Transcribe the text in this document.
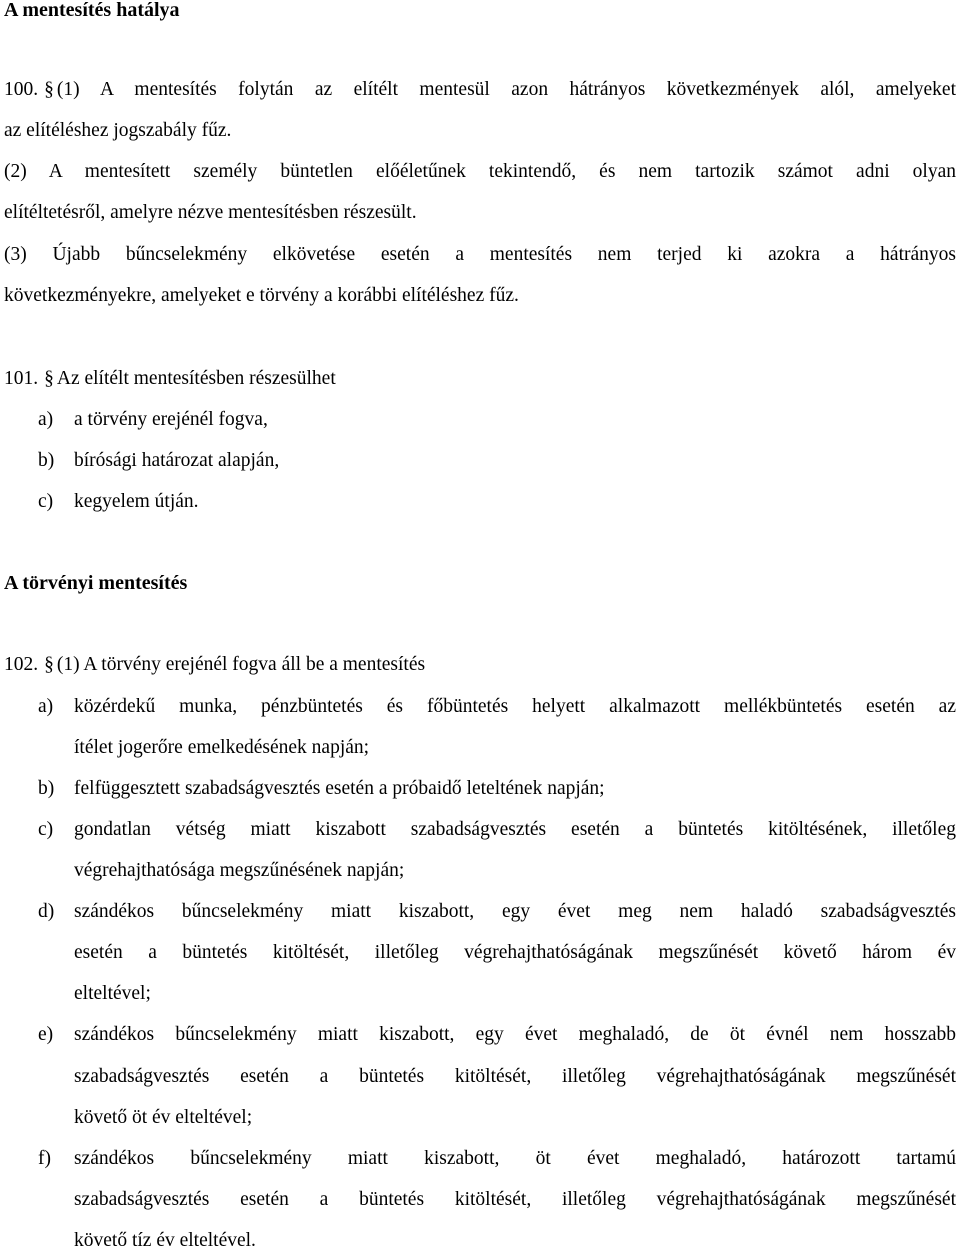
A mentesítés hatálya
100. § (1) A mentesítés folytán az elítélt mentesül azon hátrányos következmények alól, amelyeket
az elítéléshez jogszabály fűz.
(2) A mentesített személy büntetlen előéletűnek tekintendő, és nem tartozik számot adni olyan
elítéltetésről, amelyre nézve mentesítésben részesült.
(3) Újabb bűncselekmény elkövetése esetén a mentesítés nem terjed ki azokra a hátrányos
következményekre, amelyeket e törvény a korábbi elítéléshez fűz.
101. § Az elítélt mentesítésben részesülhet
a) a törvény erejénél fogva,
b) bírósági határozat alapján,
c) kegyelem útján.
A törvényi mentesítés
102. § (1) A törvény erejénél fogva áll be a mentesítés
a) közérdekű munka, pénzbüntetés és főbüntetés helyett alkalmazott mellékbüntetés esetén az
ítélet jogerőre emelkedésének napján;
b) felfüggesztett szabadságvesztés esetén a próbaidő leteltének napján;
c) gondatlan vétség miatt kiszabott szabadságvesztés esetén a büntetés kitöltésének, illetőleg
végrehajthatósága megszűnésének napján;
d) szándékos bűncselekmény miatt kiszabott, egy évet meg nem haladó szabadságvesztés
esetén a büntetés kitöltését, illetőleg végrehajthatóságának megszűnését követő három év
elteltével;
e) szándékos bűncselekmény miatt kiszabott, egy évet meghaladó, de öt évnél nem hosszabb
szabadságvesztés esetén a büntetés kitöltését, illetőleg végrehajthatóságának megszűnését
követő öt év elteltével;
f) szándékos bűncselekmény miatt kiszabott, öt évet meghaladó, határozott tartamú
szabadságvesztés esetén a büntetés kitöltését, illetőleg végrehajthatóságának megszűnését
követő tíz év elteltével.
